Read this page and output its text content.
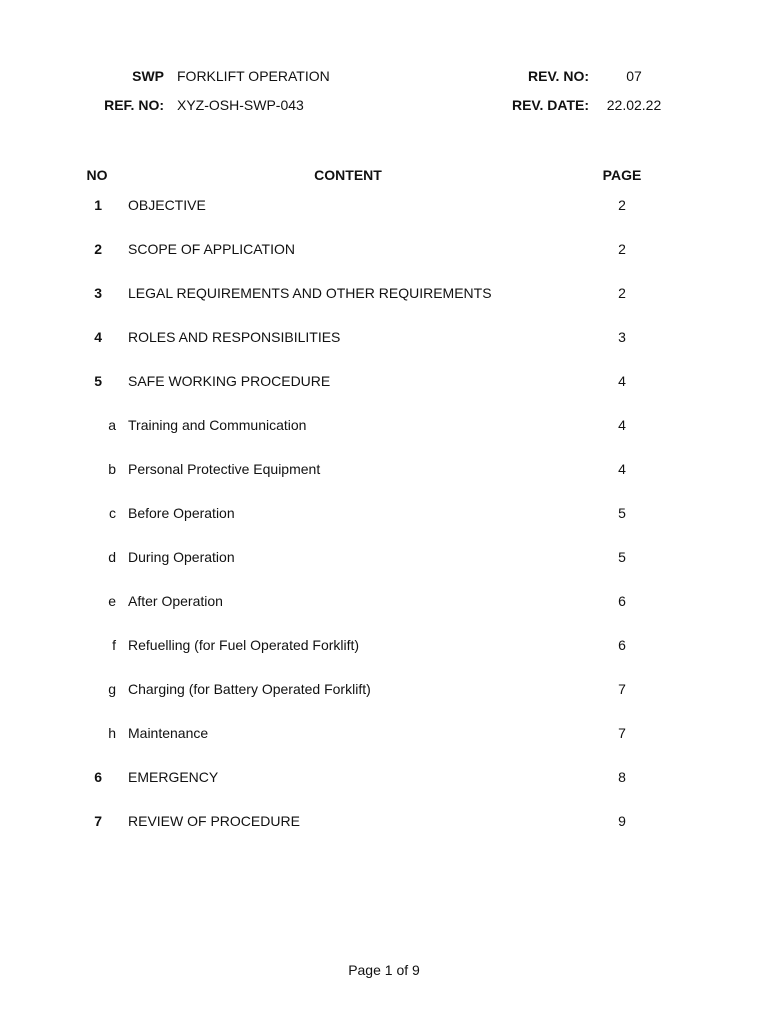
SWP FORKLIFT OPERATION	REV. NO:	07
REF. NO: XYZ-OSH-SWP-043	REV. DATE: 22.02.22
NO	CONTENT	PAGE
1 OBJECTIVE	2
2 SCOPE OF APPLICATION	2
3 LEGAL REQUIREMENTS AND OTHER REQUIREMENTS	2
4 ROLES AND RESPONSIBILITIES	3
5 SAFE WORKING PROCEDURE	4
a Training and Communication	4
b Personal Protective Equipment	4
c Before Operation	5
d During Operation	5
e After Operation	6
f Refuelling (for Fuel Operated Forklift)	6
g Charging (for Battery Operated Forklift)	7
h Maintenance	7
6 EMERGENCY	8
7 REVIEW OF PROCEDURE	9
Page 1 of 9
